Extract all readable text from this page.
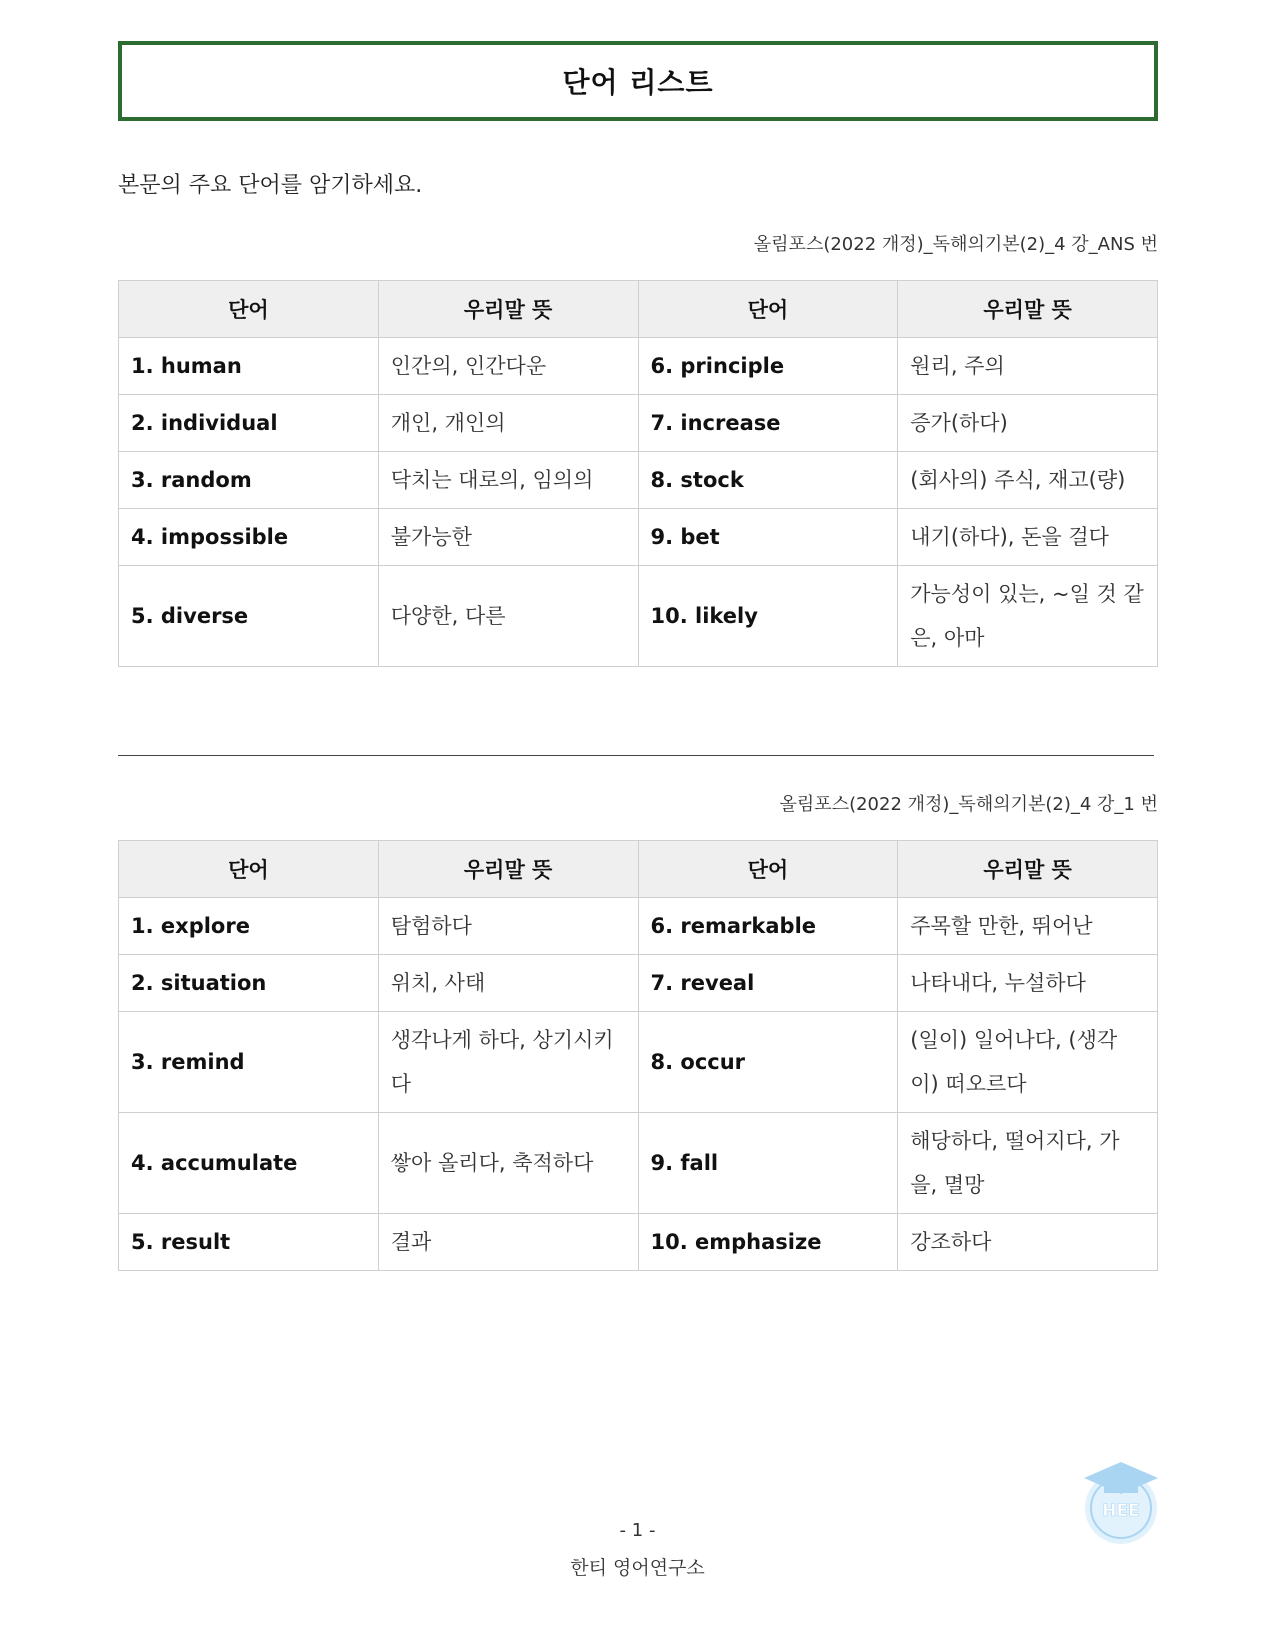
단어 리스트
본문의 주요 단어를 암기하세요.
올림포스(2022 개정)_독해의기본(2)_4 강_ANS 번
단어	우리말 뜻	단어	우리말 뜻
1. human	인간의, 인간다운	6. principle	원리, 주의
2. individual	개인, 개인의	7. increase	증가(하다)
3. random	닥치는 대로의, 임의의	8. stock	(회사의) 주식, 재고(량)
4. impossible	불가능한	9. bet	내기(하다), 돈을 걸다
5. diverse	다양한, 다른	10. likely	가능성이 있는, ~일 것 같은, 아마
올림포스(2022 개정)_독해의기본(2)_4 강_1 번
단어	우리말 뜻	단어	우리말 뜻
1. explore	탐험하다	6. remarkable	주목할 만한, 뛰어난
2. situation	위치, 사태	7. reveal	나타내다, 누설하다
3. remind	생각나게 하다, 상기시키다	8. occur	(일이) 일어나다, (생각이) 떠오르다
4. accumulate	쌓아 올리다, 축적하다	9. fall	해당하다, 떨어지다, 가을, 멸망
5. result	결과	10. emphasize	강조하다
- 1 -
한티 영어연구소
HEE
